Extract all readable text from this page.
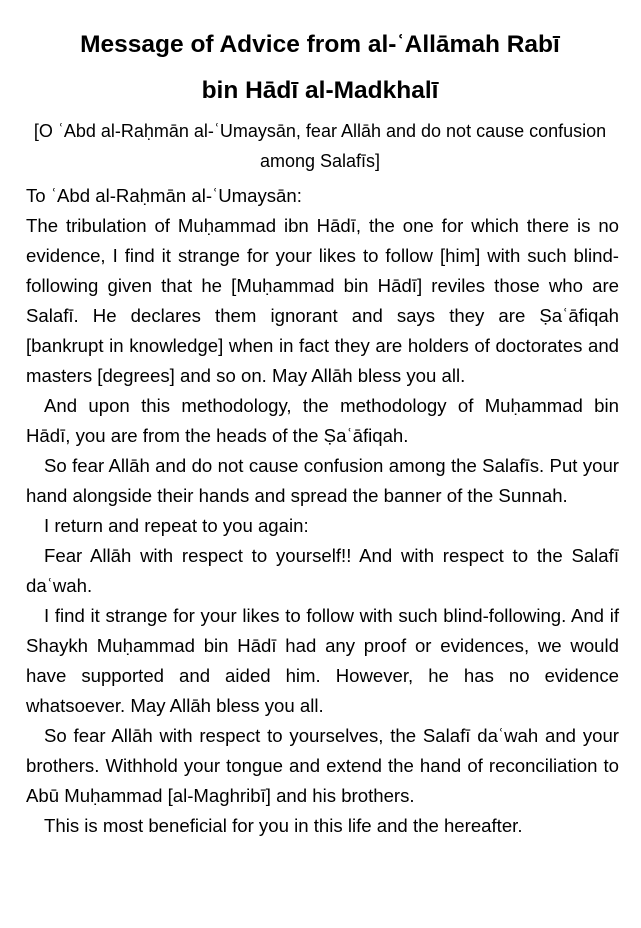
Message of Advice from al-ʿAllāmah Rabī
bin Hādī al-Madkhalī

[O ʿAbd al-Raḥmān al-ʿUmaysān, fear Allāh and do not cause confusion among Salafīs]

To ʿAbd al-Raḥmān al-ʿUmaysān:

The tribulation of Muḥammad ibn Hādī, the one for which there is no evidence, I find it strange for your likes to follow [him] with such blind-following given that he [Muḥammad bin Hādī] reviles those who are Salafī. He declares them ignorant and says they are Ṣaʿāfiqah [bankrupt in knowledge] when in fact they are holders of doctorates and masters [degrees] and so on. May Allāh bless you all.

And upon this methodology, the methodology of Muḥammad bin Hādī, you are from the heads of the Ṣaʿāfiqah.

So fear Allāh and do not cause confusion among the Salafīs. Put your hand alongside their hands and spread the banner of the Sunnah.

I return and repeat to you again:

Fear Allāh with respect to yourself!! And with respect to the Salafī daʿwah.

I find it strange for your likes to follow with such blind-following. And if Shaykh Muḥammad bin Hādī had any proof or evidences, we would have supported and aided him. However, he has no evidence whatsoever. May Allāh bless you all.

So fear Allāh with respect to yourselves, the Salafī daʿwah and your brothers. Withhold your tongue and extend the hand of reconciliation to Abū Muḥammad [al-Maghribī] and his brothers.

This is most beneficial for you in this life and the hereafter.
